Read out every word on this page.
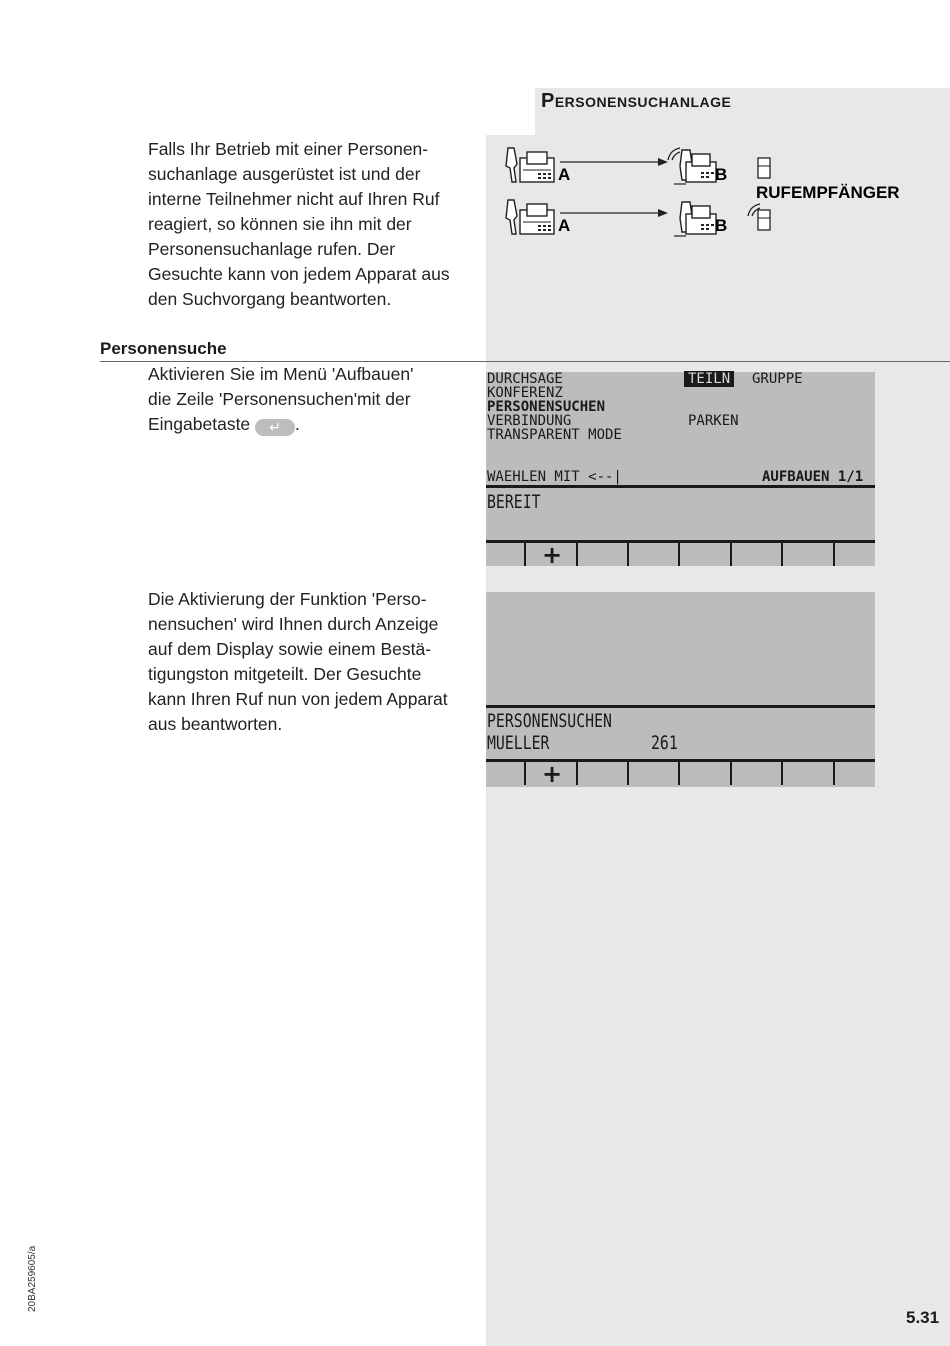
Personensuchanlage
Falls Ihr Betrieb mit einer Personen-
suchanlage ausgerüstet ist und der
interne Teilnehmer nicht auf Ihren Ruf
reagiert, so können sie ihn mit der
Personensuchanlage rufen. Der
Gesuchte kann von jedem Apparat aus
den Suchvorgang beantworten.
A	B
A	B
RUFEMPFÄNGER
Personensuche
Aktivieren Sie im Menü 'Aufbauen'
die Zeile 'Personensuchen'mit der
Eingabetaste ↵ .
DURCHSAGE
KONFERENZ
PERSONENSUCHEN
VERBINDUNG
TRANSPARENT MODE
TEILN GRUPPE
PARKEN
WAEHLEN MIT <--|	AUFBAUEN 1/1
BEREIT
+
Die Aktivierung der Funktion 'Perso-
nensuchen' wird Ihnen durch Anzeige
auf dem Display sowie einem Bestä-
tigungston mitgeteilt. Der Gesuchte
kann Ihren Ruf nun von jedem Apparat
aus beantworten.	PERSONENSUCHEN
MUELLER	261
+
20BA259605/a
5.31
